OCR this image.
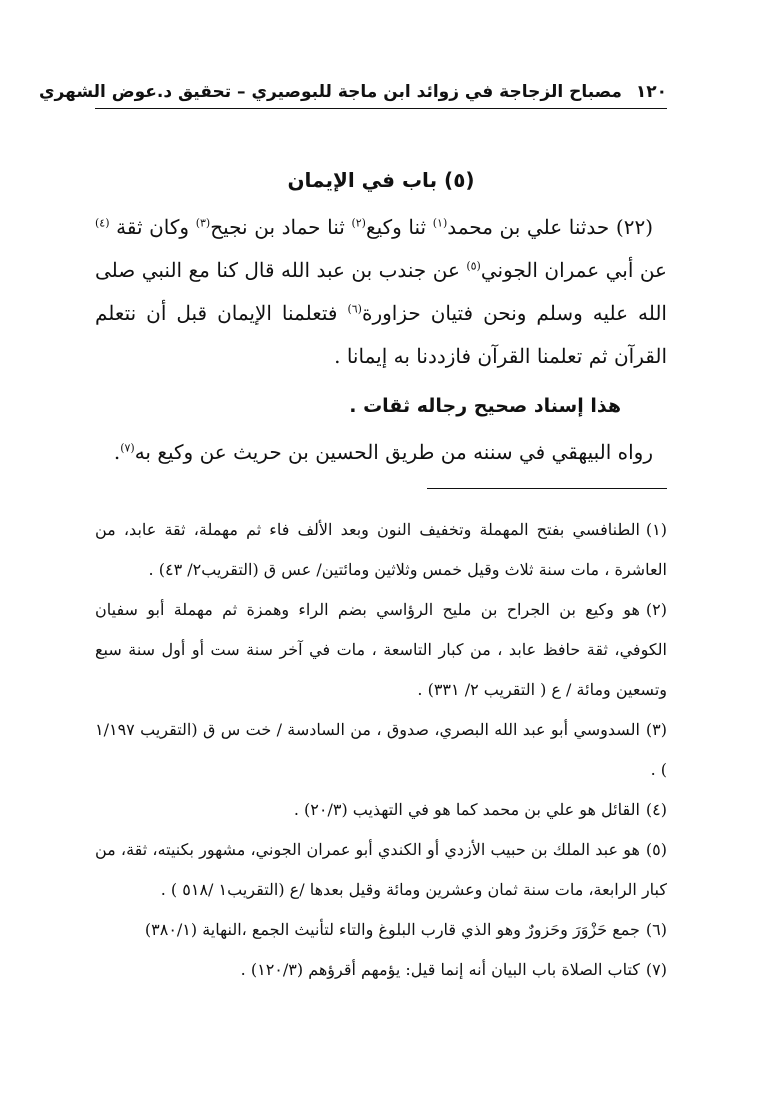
١٢٠ مصباح الزجاجة في زوائد ابن ماجة للبوصيري – تحقيق د.عوض الشهري
(٥) باب في الإيمان

(٢٢) حدثنا علي بن محمد$^{(١)}$ ثنا وكيع$^{(٢)}$ ثنا حماد بن نجيح$^{(٣)}$ وكان ثقة $^{(٤)}$ عن أبي عمران الجوني$^{(٥)}$ عن جندب بن عبد الله قال كنا مع النبي صلى الله عليه وسلم ونحن فتيان حزاورة$^{(٦)}$ فتعلمنا الإيمان قبل أن نتعلم القرآن ثم تعلمنا القرآن فازددنا به إيمانا .

هذا إسناد صحيح رجاله ثقات .
رواه البيهقي في سننه من طريق الحسين بن حريث عن وكيع به$^{(٧)}$.

(١)الطنافسي بفتح المهملة وتخفيف النون وبعد الألف فاء ثم مهملة، ثقة عابد، من العاشرة ، مات سنة ثلاث وقيل خمس وثلاثين ومائتين/ عس ق (التقريب٢/ ٤٣) .

(٢)هو وكيع بن الجراح بن مليح الرؤاسي بضم الراء وهمزة ثم مهملة أبو سفيان الكوفي، ثقة حافظ عابد ، من كبار التاسعة ، مات في آخر سنة ست أو أول سنة سبع وتسعين ومائة / ع ( التقريب ٢/ ٣٣١) .

(٣)السدوسي أبو عبد الله البصري، صدوق ، من السادسة / خت س ق (التقريب ١/١٩٧ ) .

(٤)القائل هو علي بن محمد كما هو في التهذيب (٢٠/٣) .

(٥)هو عبد الملك بن حبيب الأزدي أو الكندي أبو عمران الجوني، مشهور بكنيته، ثقة، من كبار الرابعة، مات سنة ثمان وعشرين ومائة وقيل بعدها /ع (التقريب١ /٥١٨ ) .

(٦)جمع حَزْوَرَ وحَزورٌ وهو الذي قارب البلوغ والتاء لتأنيث الجمع ،النهاية (٣٨٠/١)

(٧)كتاب الصلاة باب البيان أنه إنما قيل: يؤمهم أقرؤهم (١٢٠/٣) .
